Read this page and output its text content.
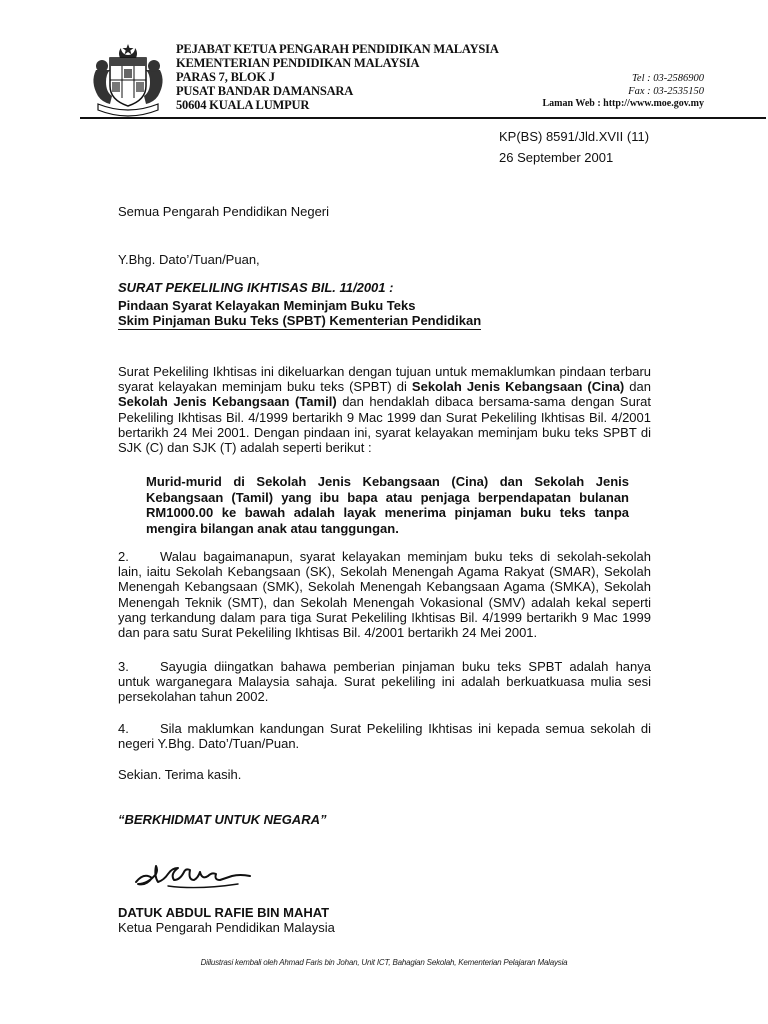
PEJABAT KETUA PENGARAH PENDIDIKAN MALAYSIA
KEMENTERIAN PENDIDIKAN MALAYSIA
PARAS 7, BLOK J
PUSAT BANDAR DAMANSARA
50604 KUALA LUMPUR
Tel : 03-2586900
Fax : 03-2535150
Laman Web : http://www.moe.gov.my
KP(BS) 8591/Jld.XVII (11)
26 September 2001
Semua Pengarah Pendidikan Negeri
Y.Bhg. Dato’/Tuan/Puan,
SURAT PEKELILING IKHTISAS BIL. 11/2001 :
Pindaan Syarat Kelayakan Meminjam Buku Teks
Skim Pinjaman Buku Teks (SPBT) Kementerian Pendidikan
Surat Pekeliling Ikhtisas ini dikeluarkan dengan tujuan untuk memaklumkan pindaan terbaru syarat kelayakan meminjam buku teks (SPBT) di Sekolah Jenis Kebangsaan (Cina) dan Sekolah Jenis Kebangsaan (Tamil) dan hendaklah dibaca bersama-sama dengan Surat Pekeliling Ikhtisas Bil. 4/1999 bertarikh 9 Mac 1999 dan Surat Pekeliling Ikhtisas Bil. 4/2001 bertarikh 24 Mei 2001. Dengan pindaan ini, syarat kelayakan meminjam buku teks SPBT di SJK (C) dan SJK (T) adalah seperti berikut :
Murid-murid di Sekolah Jenis Kebangsaan (Cina) dan Sekolah Jenis Kebangsaan (Tamil) yang ibu bapa atau penjaga berpendapatan bulanan RM1000.00 ke bawah adalah layak menerima pinjaman buku teks tanpa mengira bilangan anak atau tanggungan.
2. Walau bagaimanapun, syarat kelayakan meminjam buku teks di sekolah-sekolah lain, iaitu Sekolah Kebangsaan (SK), Sekolah Menengah Agama Rakyat (SMAR), Sekolah Menengah Kebangsaan (SMK), Sekolah Menengah Kebangsaan Agama (SMKA), Sekolah Menengah Teknik (SMT), dan Sekolah Menengah Vokasional (SMV) adalah kekal seperti yang terkandung dalam para tiga Surat Pekeliling Ikhtisas Bil. 4/1999 bertarikh 9 Mac 1999 dan para satu Surat Pekeliling Ikhtisas Bil. 4/2001 bertarikh 24 Mei 2001.
3. Sayugia diingatkan bahawa pemberian pinjaman buku teks SPBT adalah hanya untuk warganegara Malaysia sahaja. Surat pekeliling ini adalah berkuatkuasa mulia sesi persekolahan tahun 2002.
4. Sila maklumkan kandungan Surat Pekeliling Ikhtisas ini kepada semua sekolah di negeri Y.Bhg. Dato’/Tuan/Puan.
Sekian. Terima kasih.
“BERKHIDMAT UNTUK NEGARA”
DATUK ABDUL RAFIE BIN MAHAT
Ketua Pengarah Pendidikan Malaysia
Diilustrasi kembali oleh Ahmad Faris bin Johan, Unit ICT, Bahagian Sekolah, Kementerian Pelajaran Malaysia
